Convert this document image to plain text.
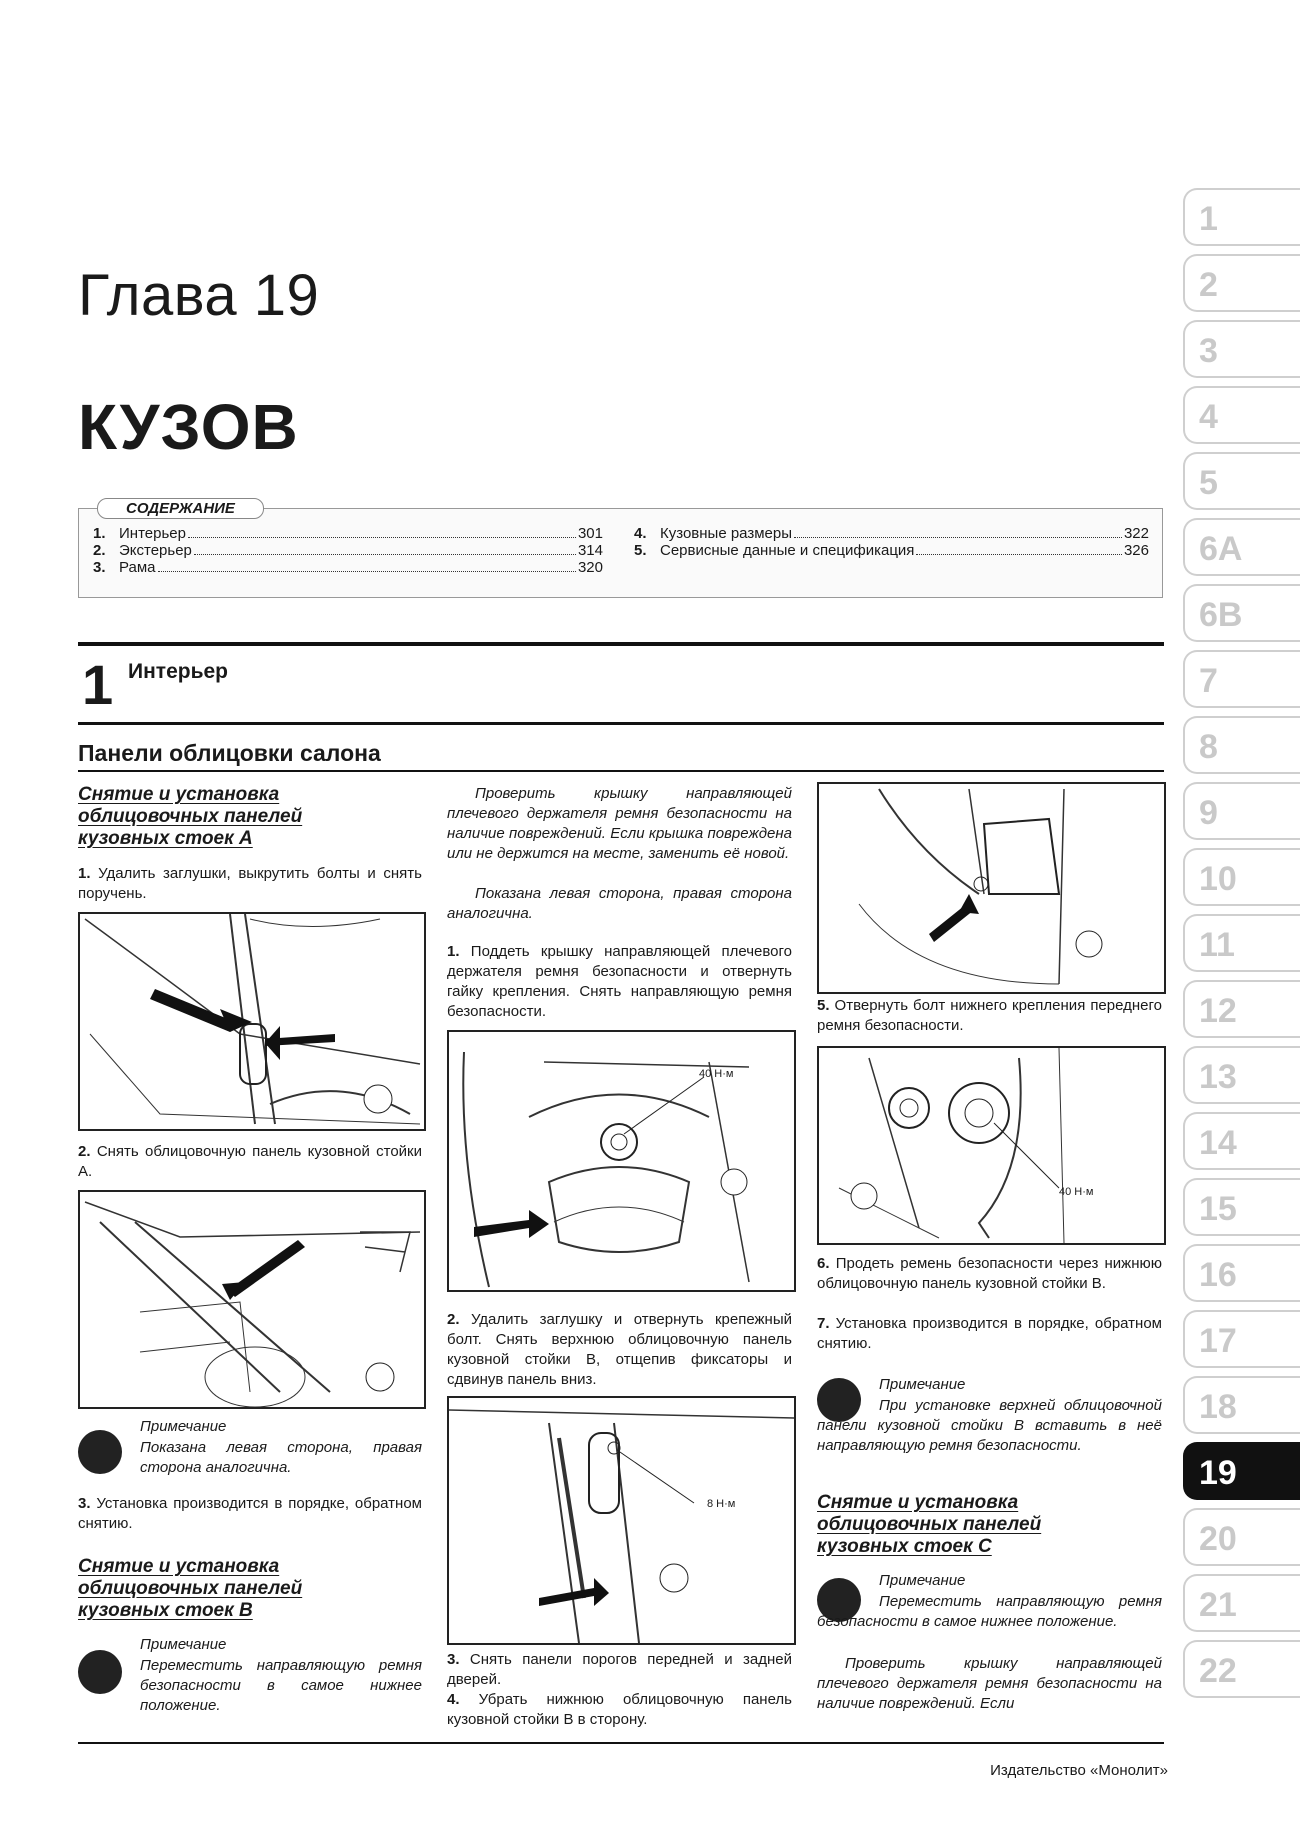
Глава 19
КУЗОВ
СОДЕРЖАНИЕ
1. Интерьер	301
2. Экстерьер	314
3. Рама	320
4. Кузовные размеры	322
5. Сервисные данные и спецификация	326
1 Интерьер
Панели облицовки салона
Снятие и установка облицовочных панелей кузовных стоек А
1. Удалить заглушки, выкрутить болты и снять поручень.
2. Снять облицовочную панель кузовной стойки А.
Примечание
Показана левая сторона, правая сторона аналогична.
3. Установка производится в порядке, обратном снятию.
Снятие и установка облицовочных панелей кузовных стоек В
Примечание
Переместить направляющую ремня безопасности в самое нижнее положение.
Проверить крышку направляющей плечевого держателя ремня безопасности на наличие повреждений. Если крышка повреждена или не держится на месте, заменить её новой.
Показана левая сторона, правая сторона аналогична.
1. Поддеть крышку направляющей плечевого держателя ремня безопасности и отвернуть гайку крепления. Снять направляющую ремня безопасности.
40 Н·м
2. Удалить заглушку и отвернуть крепежный болт. Снять верхнюю облицовочную панель кузовной стойки В, отщепив фиксаторы и сдвинув панель вниз.
8 Н·м
3. Снять панели порогов передней и задней дверей.
4. Убрать нижнюю облицовочную панель кузовной стойки В в сторону.
5. Отвернуть болт нижнего крепления переднего ремня безопасности.
40 Н·м
6. Продеть ремень безопасности через нижнюю облицовочную панель кузовной стойки В.
7. Установка производится в порядке, обратном снятию.
Примечание
При установке верхней облицовочной панели кузовной стойки В вставить в неё направляющую ремня безопасности.
Снятие и установка облицовочных панелей кузовных стоек С
Примечание
Переместить направляющую ремня безопасности в самое нижнее положение.
Проверить крышку направляющей плечевого держателя ремня безопасности на наличие повреждений. Если
Издательство «Монолит»
1
2
3
4
5
6A
6B
7
8
9
10
11
12
13
14
15
16
17
18
19
20
21
22
